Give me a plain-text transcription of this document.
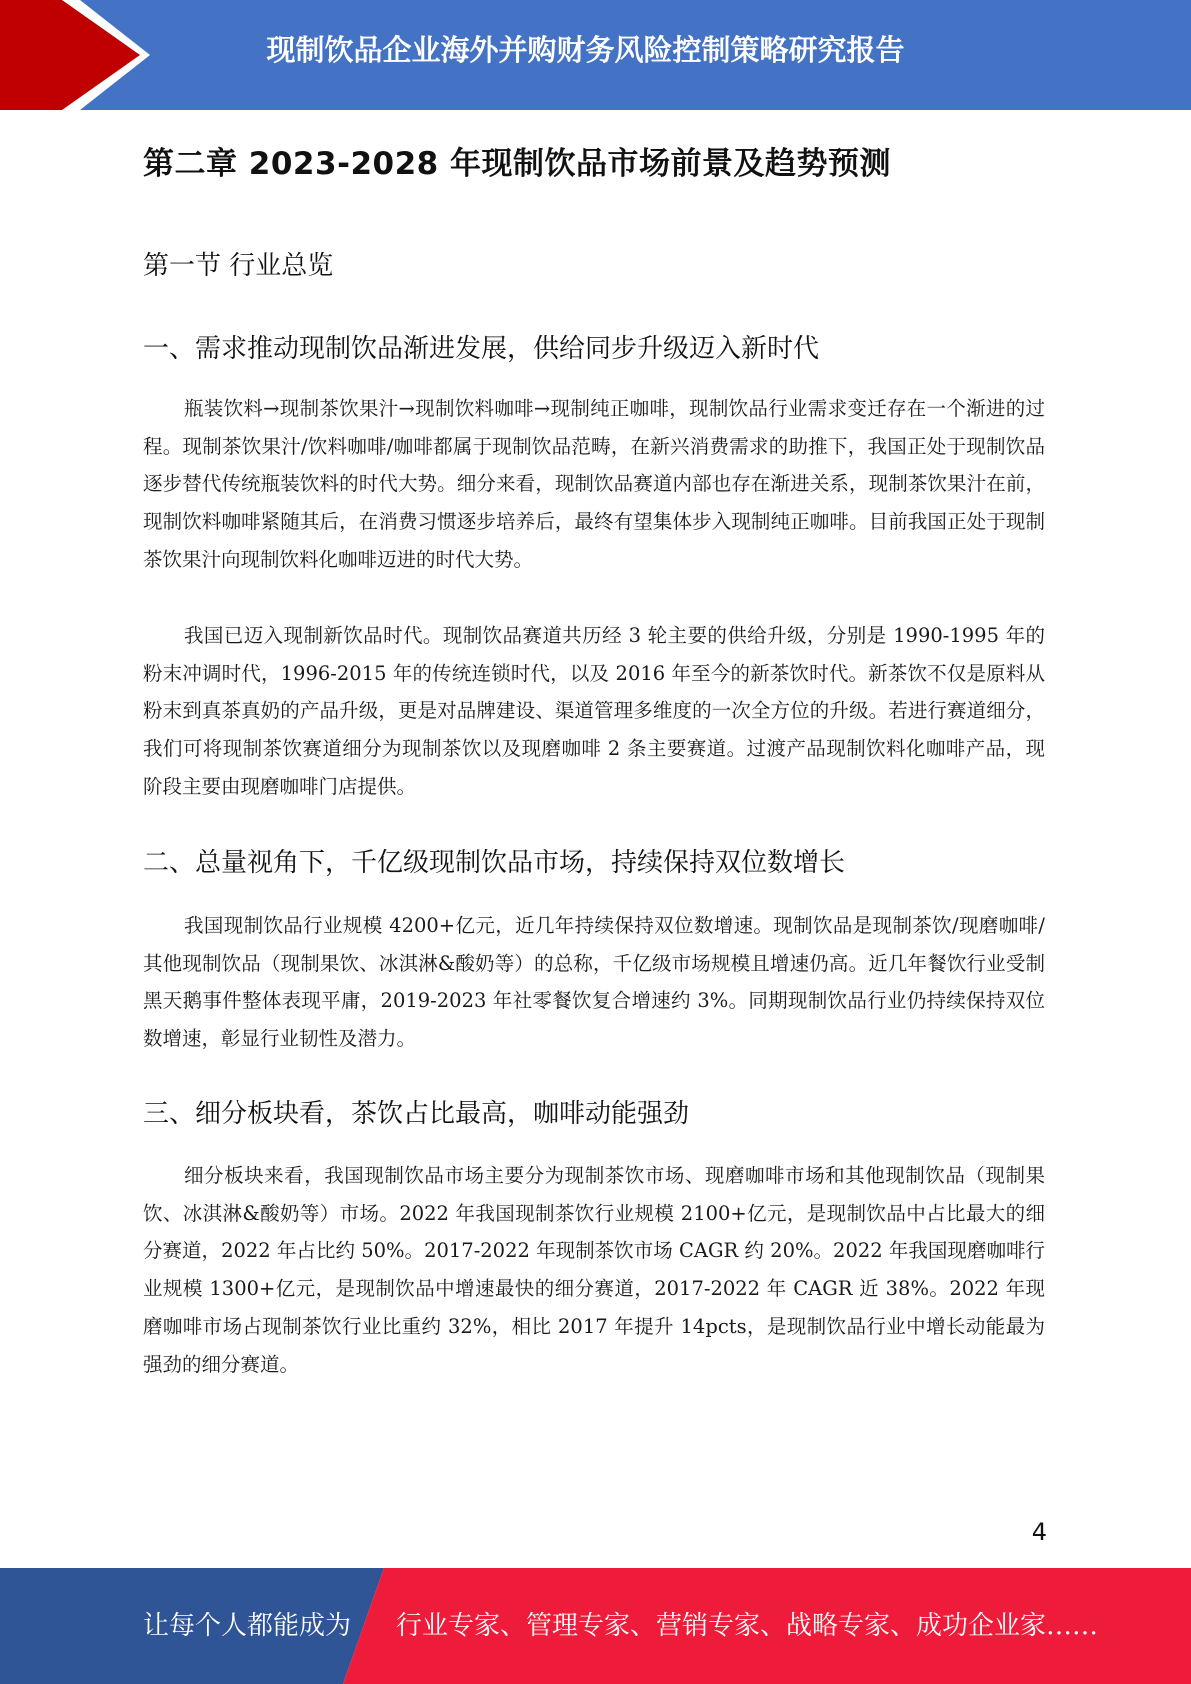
现制饮品企业海外并购财务风险控制策略研究报告
第二章 2023-2028 年现制饮品市场前景及趋势预测
第一节 行业总览
一、需求推动现制饮品渐进发展，供给同步升级迈入新时代

瓶装饮料→现制茶饮果汁→现制饮料咖啡→现制纯正咖啡，现制饮品行业需求变迁存在一个渐进的过程。现制茶饮果汁/饮料咖啡/咖啡都属于现制饮品范畴，在新兴消费需求的助推下，我国正处于现制饮品逐步替代传统瓶装饮料的时代大势。细分来看，现制饮品赛道内部也存在渐进关系，现制茶饮果汁在前，现制饮料咖啡紧随其后，在消费习惯逐步培养后，最终有望集体步入现制纯正咖啡。目前我国正处于现制茶饮果汁向现制饮料化咖啡迈进的时代大势。

我国已迈入现制新饮品时代。现制饮品赛道共历经 3 轮主要的供给升级，分别是 1990-1995 年的粉末冲调时代，1996-2015 年的传统连锁时代，以及 2016 年至今的新茶饮时代。新茶饮不仅是原料从粉末到真茶真奶的产品升级，更是对品牌建设、渠道管理多维度的一次全方位的升级。若进行赛道细分，我们可将现制茶饮赛道细分为现制茶饮以及现磨咖啡 2 条主要赛道。过渡产品现制饮料化咖啡产品，现阶段主要由现磨咖啡门店提供。

二、总量视角下，千亿级现制饮品市场，持续保持双位数增长

我国现制饮品行业规模 4200+亿元，近几年持续保持双位数增速。现制饮品是现制茶饮/现磨咖啡/其他现制饮品（现制果饮、冰淇淋&酸奶等）的总称，千亿级市场规模且增速仍高。近几年餐饮行业受制黑天鹅事件整体表现平庸，2019-2023 年社零餐饮复合增速约 3%。同期现制饮品行业仍持续保持双位数增速，彰显行业韧性及潜力。

三、细分板块看，茶饮占比最高，咖啡动能强劲

细分板块来看，我国现制饮品市场主要分为现制茶饮市场、现磨咖啡市场和其他现制饮品（现制果饮、冰淇淋&酸奶等）市场。2022 年我国现制茶饮行业规模 2100+亿元，是现制饮品中占比最大的细分赛道，2022 年占比约 50%。2017-2022 年现制茶饮市场 CAGR 约 20%。2022 年我国现磨咖啡行业规模 1300+亿元，是现制饮品中增速最快的细分赛道，2017-2022 年 CAGR 近 38%。2022 年现磨咖啡市场占现制茶饮行业比重约 32%，相比 2017 年提升 14pcts，是现制饮品行业中增长动能最为强劲的细分赛道。

4
让每个人都能成为 行业专家、管理专家、营销专家、战略专家、成功企业家……
